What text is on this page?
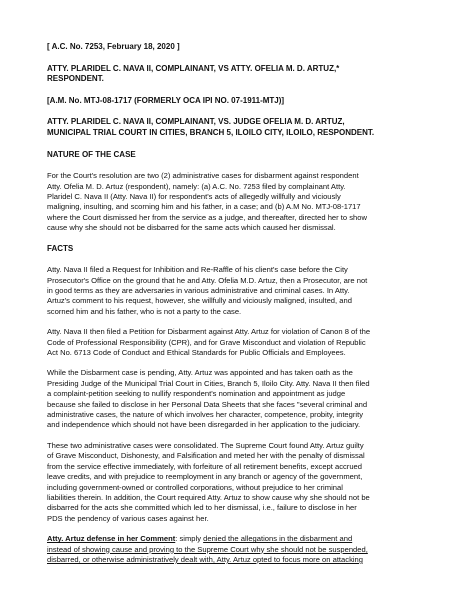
[ A.C. No. 7253, February 18, 2020 ]

ATTY. PLARIDEL C. NAVA II, COMPLAINANT, VS ATTY. OFELIA M. D. ARTUZ,*
RESPONDENT.

[A.M. No. MTJ-08-1717 (FORMERLY OCA IPI NO. 07-1911-MTJ)]

ATTY. PLARIDEL C. NAVA II, COMPLAINANT, VS. JUDGE OFELIA M. D. ARTUZ,
MUNICIPAL TRIAL COURT IN CITIES, BRANCH 5, ILOILO CITY, ILOILO, RESPONDENT.

NATURE OF THE CASE

For the Court's resolution are two (2) administrative cases for disbarment against respondent
Atty. Ofelia M. D. Artuz (respondent), namely: (a) A.C. No. 7253 filed by complainant Atty.
Plaridel C. Nava II (Atty. Nava II) for respondent's acts of allegedly willfully and viciously
maligning, insulting, and scorning him and his father, in a case; and (b) A.M No. MTJ-08-1717
where the Court dismissed her from the service as a judge, and thereafter, directed her to show
cause why she should not be disbarred for the same acts which caused her dismissal.

FACTS

Atty. Nava II filed a Request for Inhibition and Re-Raffle of his client's case before the City
Prosecutor's Office on the ground that he and Atty. Ofelia M.D. Artuz, then a Prosecutor, are not
in good terms as they are adversaries in various administrative and criminal cases. In Atty.
Artuz's comment to his request, however, she willfully and viciously maligned, insulted, and
scorned him and his father, who is not a party to the case.

Atty. Nava II then filed a Petition for Disbarment against Atty. Artuz for violation of Canon 8 of the
Code of Professional Responsibility (CPR), and for Grave Misconduct and violation of Republic
Act No. 6713 Code of Conduct and Ethical Standards for Public Officials and Employees.

While the Disbarment case is pending, Atty. Artuz was appointed and has taken oath as the
Presiding Judge of the Municipal Trial Court in Cities, Branch 5, Iloilo City. Atty. Nava II then filed
a complaint-petition seeking to nullify respondent's nomination and appointment as judge
because she failed to disclose in her Personal Data Sheets that she faces "several criminal and
administrative cases, the nature of which involves her character, competence, probity, integrity
and independence which should not have been disregarded in her application to the judiciary.

These two administrative cases were consolidated. The Supreme Court found Atty. Artuz guilty
of Grave Misconduct, Dishonesty, and Falsification and meted her with the penalty of dismissal
from the service effective immediately, with forfeiture of all retirement benefits, except accrued
leave credits, and with prejudice to reemployment in any branch or agency of the government,
including government-owned or controlled corporations, without prejudice to her criminal
liabilities therein. In addition, the Court required Atty. Artuz to show cause why she should not be
disbarred for the acts she committed which led to her dismissal, i.e., failure to disclose in her
PDS the pendency of various cases against her.

Atty. Artuz defense in her Comment: simply denied the allegations in the disbarment and
instead of showing cause and proving to the Supreme Court why she should not be suspended,
disbarred, or otherwise administratively dealt with, Atty. Artuz opted to focus more on attacking
